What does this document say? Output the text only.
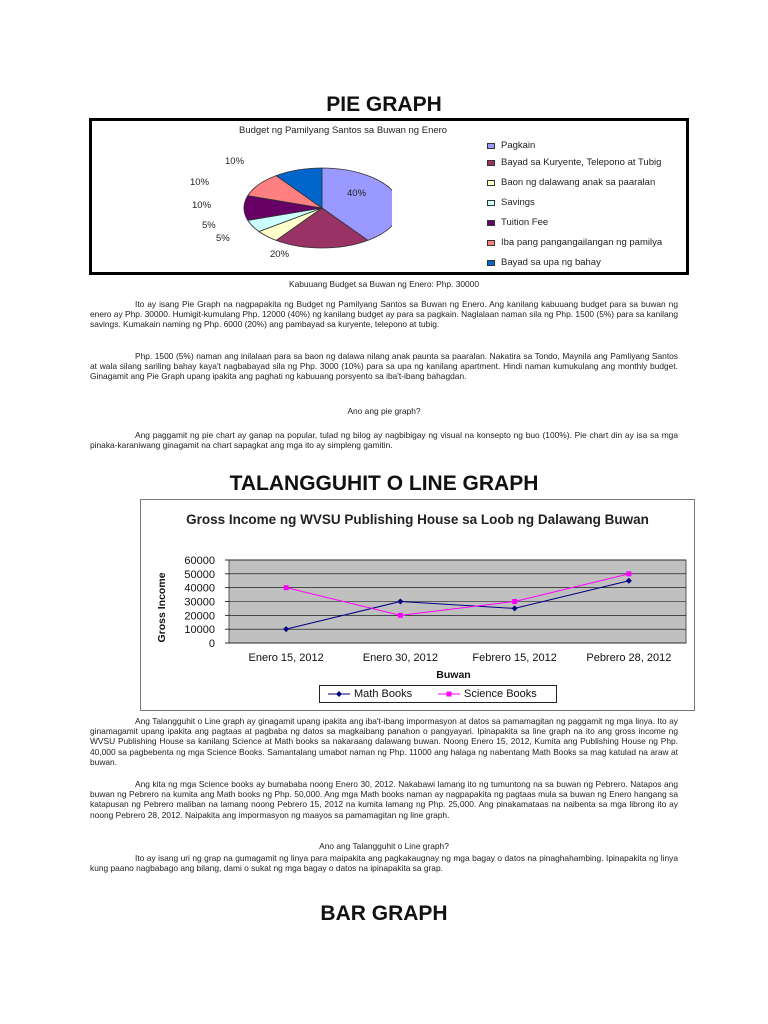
PIE GRAPH
TALANGGUHIT O LINE GRAPH
BAR GRAPH
Budget ng Pamilyang Santos sa Buwan ng Enero
40%
20%
5%
5%
10%
10%
10%
Pagkain
Bayad sa Kuryente, Telepono at Tubig
Baon ng dalawang anak sa paaralan
Savings
Tuition Fee
Iba pang pangangailangan ng pamilya
Bayad sa upa ng bahay
Kabuuang Budget sa Buwan ng Enero: Php. 30000
Ito ay isang Pie Graph na nagpapakita ng Budget ng Pamilyang Santos sa Buwan ng Enero. Ang kanilang kabuuang budget para sa buwan ng enero ay Php. 30000. Humigit-kumulang Php. 12000 (40%) ng kanilang budget ay para sa pagkain. Naglalaan naman sila ng Php. 1500 (5%) para sa kanilang savings. Kumakain naming ng Php. 6000 (20%) ang pambayad sa kuryente, telepono at tubig.
Php. 1500 (5%) naman ang inilalaan para sa baon ng dalawa nilang anak paunta sa paaralan. Nakatira sa Tondo, Maynila ang Pamliyang Santos at wala silang sariling bahay kaya't nagbabayad sila ng Php. 3000 (10%) para sa upa ng kanilang apartment. Hindi naman kumukulang ang monthly budget. Ginagamit ang Pie Graph upang ipakita ang paghati ng kabuuang porsyento sa iba't-ibang bahagdan.
Ano ang pie graph?
Ang paggamit ng pie chart ay ganap na popular, tulad ng bilog ay nagbibigay ng visual na konsepto ng buo (100%). Pie chart din ay isa sa mga pinaka-karaniwang ginagamit na chart sapagkat ang mga ito ay simpleng gamitin.
Gross Income ng WVSU Publishing House sa Loob ng Dalawang Buwan
0
10000
20000
30000
40000
50000
60000
Enero 15, 2012	Enero 30, 2012	Febrero 15, 2012	Pebrero 28, 2012
Buwan
Gross Income
Math Books	Science Books
Ang Talangguhit o Line graph ay ginagamit upang ipakita ang iba't-ibang impormasyon at datos sa pamamagitan ng paggamit ng mga linya. Ito ay ginamagamit upang ipakita ang pagtaas at pagbaba ng datos sa magkaibang panahon o pangyayari. Ipinapakita sa line graph na ito ang gross income ng WVSU Publishing House sa kanilang Science at Math books sa nakaraang dalawang buwan. Noong Enero 15, 2012, Kumita ang Publishing House ng Php. 40,000 sa pagbebenta ng mga Science Books. Samantalang umabot naman ng Php. 11000 ang halaga ng nabentang Math Books sa mag katulad na araw at buwan.
Ang kita ng mga Science books ay bumababa noong Enero 30, 2012. Nakabawi lamang ito ng tumuntong na sa buwan ng Pebrero. Natapos ang buwan ng Pebrero na kumita ang Math books ng Php. 50,000. Ang mga Math books naman ay nagpapakita ng pagtaas mula sa buwan ng Enero hangang sa katapusan ng Pebrero maliban na lamang noong Pebrero 15, 2012 na kumita lamang ng Php. 25,000. Ang pinakamataas na naibenta sa mga librong ito ay noong Pebrero 28, 2012. Naipakita ang impormasyon ng maayos sa pamamagitan ng line graph.
Ano ang Talangguhit o Line graph?
Ito ay isang uri ng grap na gumagamit ng linya para maipakita ang pagkakaugnay ng mga bagay o datos na pinaghahambing. Ipinapakita ng linya kung paano nagbabago ang bilang, dami o sukat ng mga bagay o datos na ipinapakita sa grap.
